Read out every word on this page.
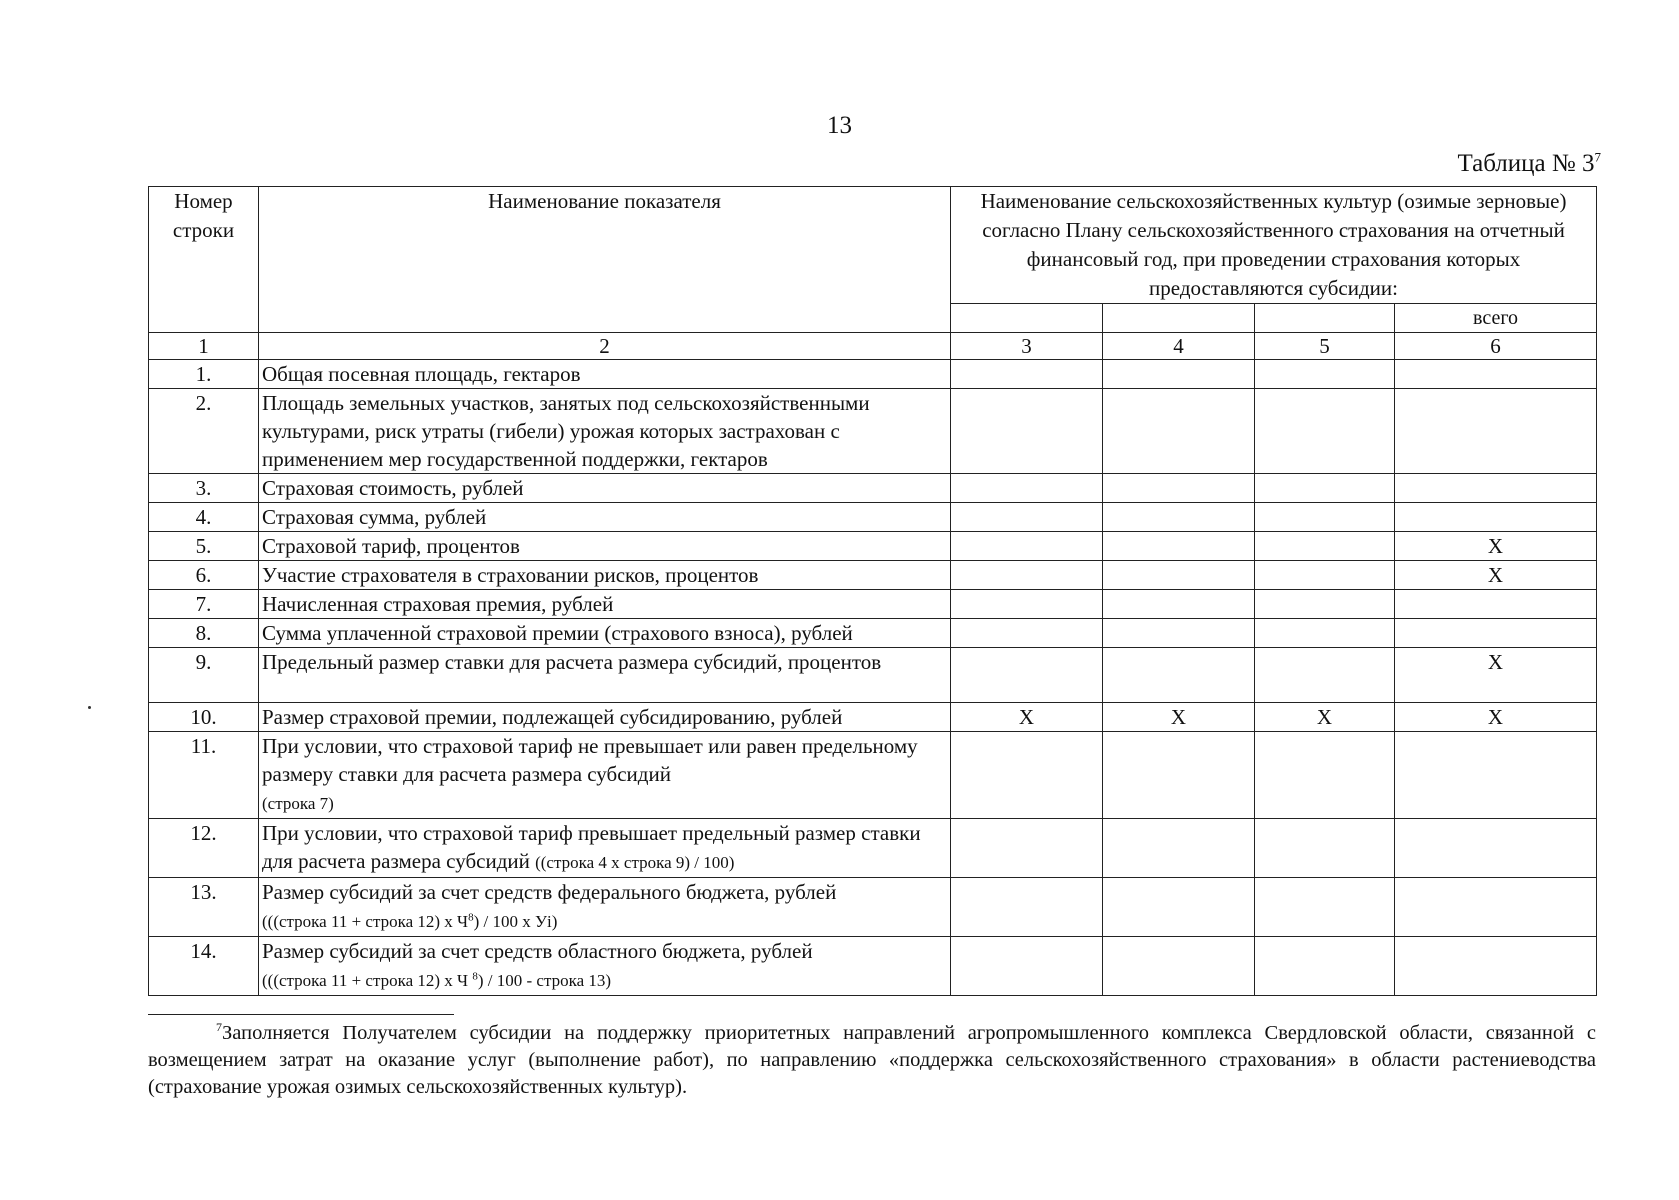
13
Таблица № $3^7$
Номер строки	Наименование показателя	Наименование сельскохозяйственных культур (озимые зерновые) согласно Плану сельскохозяйственного страхования на отчетный финансовый год, при проведении страхования которых предоставляются субсидии:			
					всего
1	2	3	4	5	6
1.	Общая посевная площадь, гектаров				
2.	Площадь земельных участков, занятых под сельскохозяйственными культурами, риск утраты (гибели) урожая которых застрахован с применением мер государственной поддержки, гектаров				
3.	Страховая стоимость, рублей				
4.	Страховая сумма, рублей				
5.	Страховой тариф, процентов				X
6.	Участие страхователя в страховании рисков, процентов				X
7.	Начисленная страховая премия, рублей				
8.	Сумма уплаченной страховой премии (страхового взноса), рублей				
9.	Предельный размер ставки для расчета размера субсидий, процентов				X
10.	Размер страховой премии, подлежащей субсидированию, рублей	X	X	X	X
11.	При условии, что страховой тариф не превышает или равен предельному размеру ставки для расчета размера субсидий
(строка 7)				
12.	При условии, что страховой тариф превышает предельный размер ставки для расчета размера субсидий ((строка 4 х строка 9) / 100)				
13.	Размер субсидий за счет средств федерального бюджета, рублей
(((строка 11 + строка 12) х $Ч^8) / 100$ х Уі)				
14.	Размер субсидий за счет средств областного бюджета, рублей
(((строка 11 + строка 12) х Ч $^8$) / 100 - строка 13)				
$^7$Заполняется Получателем субсидии на поддержку приоритетных направлений агропромышленного комплекса Свердловской области, связанной с возмещением затрат на оказание услуг (выполнение работ), по направлению «поддержка сельскохозяйственного страхования» в области растениеводства (страхование урожая озимых сельскохозяйственных культур).
